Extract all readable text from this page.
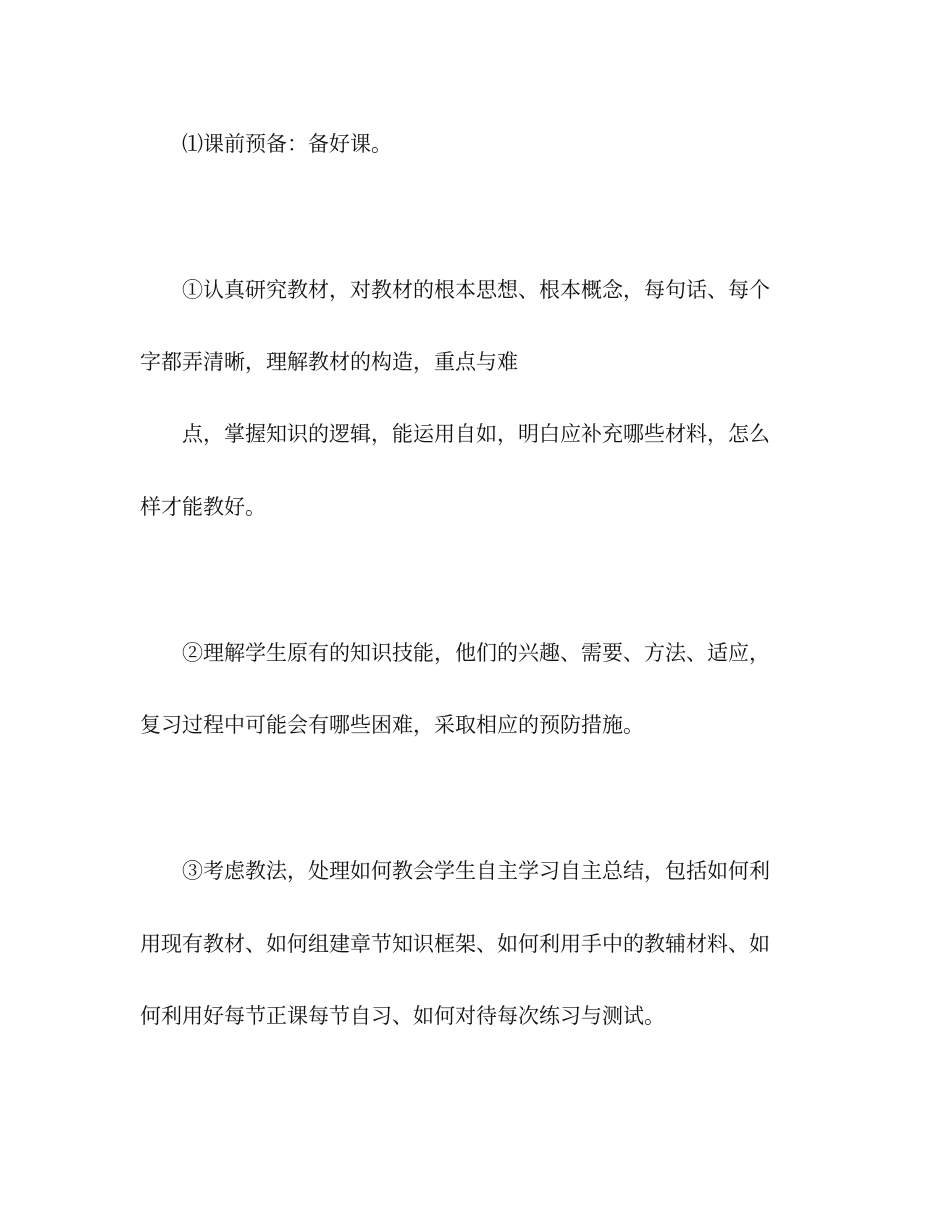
⑴课前预备：备好课。

①认真研究教材，对教材的根本思想、根本概念，每句话、每个

字都弄清晰，理解教材的构造，重点与难

点，掌握知识的逻辑，能运用自如，明白应补充哪些材料，怎么

样才能教好。

②理解学生原有的知识技能，他们的兴趣、需要、方法、适应，

复习过程中可能会有哪些困难，采取相应的预防措施。

③考虑教法，处理如何教会学生自主学习自主总结，包括如何利

用现有教材、如何组建章节知识框架、如何利用手中的教辅材料、如

何利用好每节正课每节自习、如何对待每次练习与测试。
